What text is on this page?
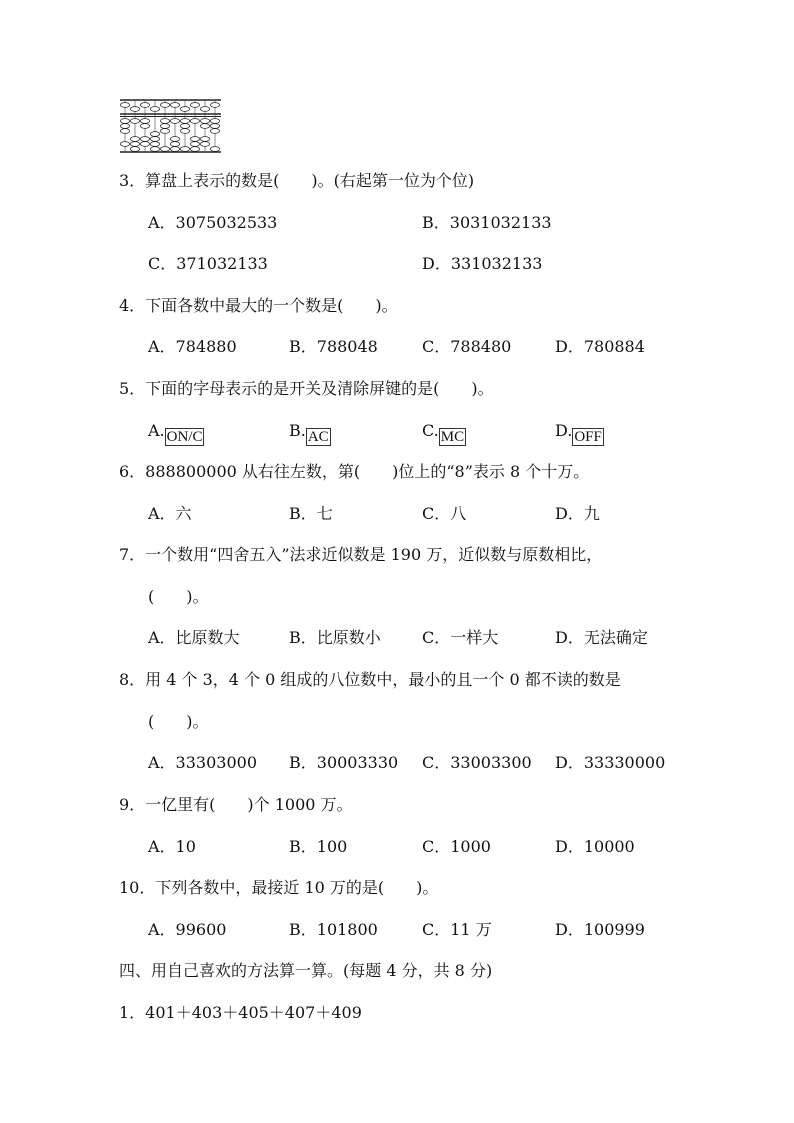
3．算盘上表示的数是(　　)。(右起第一位为个位)
A．3075032533	B．3031032133
C．371032133	D．331032133
4．下面各数中最大的一个数是(　　)。
A．784880	B．788048	C．788480	D．780884
5．下面的字母表示的是开关及清除屏键的是(　　)。
A. ON/C	B. AC	C. MC	D. OFF
6．888800000 从右往左数，第(　　)位上的“8”表示 8 个十万。
A．六	B．七	C．八	D．九
7．一个数用“四舍五入”法求近似数是 190 万，近似数与原数相比，
(　　)。
A．比原数大	B．比原数小	C．一样大	D．无法确定
8．用 4 个 3，4 个 0 组成的八位数中，最小的且一个 0 都不读的数是
(　　)。
A．33303000 B．30003330 C．33003300 D．33330000
9．一亿里有(　　)个 1000 万。
A．10	B．100	C．1000	D．10000
10．下列各数中，最接近 10 万的是(　　)。
A．99600	B．101800	C．11 万	D．100999
四、用自己喜欢的方法算一算。(每题 4 分，共 8 分)
1．401＋403＋405＋407＋409
